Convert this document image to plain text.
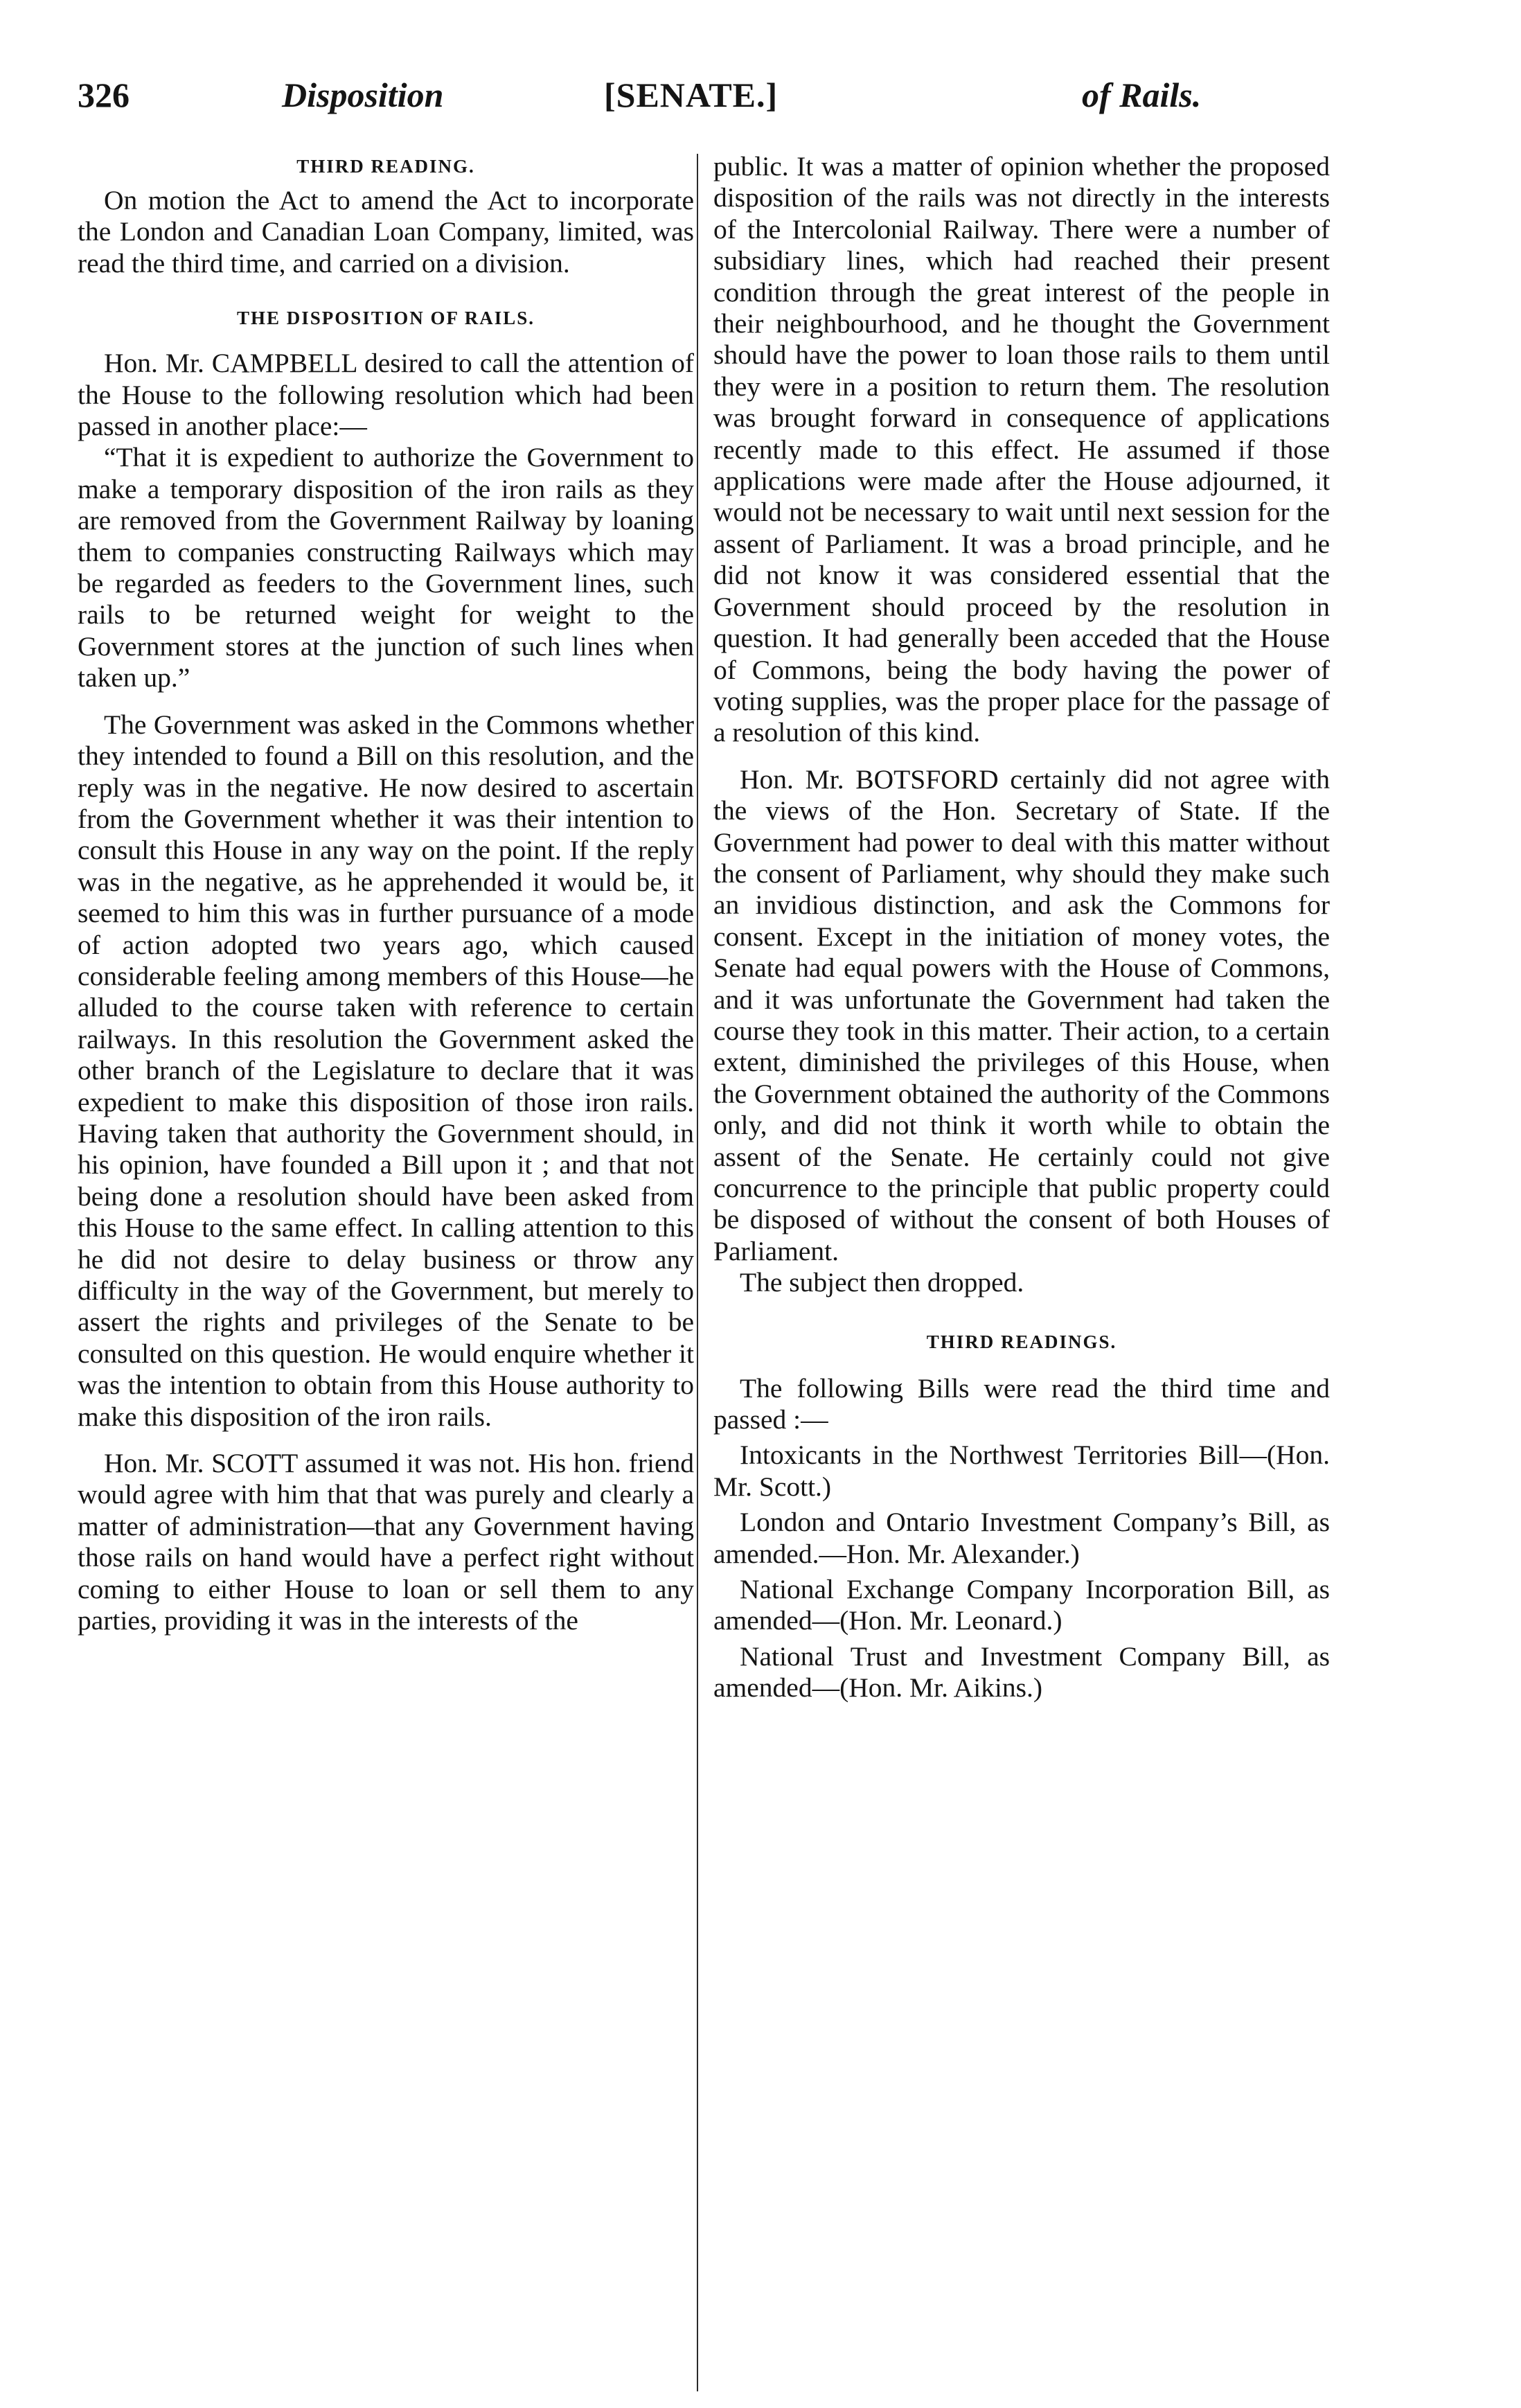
326	Disposition	[SENATE.]	of Rails.
THIRD READING.

On motion the Act to amend the Act to incorporate the London and Canadian Loan Company, limited, was read the third time, and carried on a division.

THE DISPOSITION OF RAILS.

Hon. Mr. CAMPBELL desired to call the attention of the House to the following resolution which had been passed in another place:—

“That it is expedient to authorize the Government to make a temporary disposition of the iron rails as they are removed from the Government Railway by loaning them to companies constructing Railways which may be regarded as feeders to the Government lines, such rails to be returned weight for weight to the Government stores at the junction of such lines when taken up.”

The Government was asked in the Commons whether they intended to found a Bill on this resolution, and the reply was in the negative. He now desired to ascertain from the Government whether it was their intention to consult this House in any way on the point. If the reply was in the negative, as he apprehended it would be, it seemed to him this was in further pursuance of a mode of action adopted two years ago, which caused considerable feeling among members of this House—he alluded to the course taken with reference to certain railways. In this resolution the Government asked the other branch of the Legislature to declare that it was expedient to make this disposition of those iron rails. Having taken that authority the Government should, in his opinion, have founded a Bill upon it ; and that not being done a resolution should have been asked from this House to the same effect. In calling attention to this he did not desire to delay business or throw any difficulty in the way of the Government, but merely to assert the rights and privileges of the Senate to be consulted on this question. He would enquire whether it was the intention to obtain from this House authority to make this disposition of the iron rails.

Hon. Mr. SCOTT assumed it was not. His hon. friend would agree with him that that was purely and clearly a matter of administration—that any Government having those rails on hand would have a perfect right without coming to either House to loan or sell them to any parties, providing it was in the interests of the

public. It was a matter of opinion whether the proposed disposition of the rails was not directly in the interests of the Intercolonial Railway. There were a number of subsidiary lines, which had reached their present condition through the great interest of the people in their neighbourhood, and he thought the Government should have the power to loan those rails to them until they were in a position to return them. The resolution was brought forward in consequence of applications recently made to this effect. He assumed if those applications were made after the House adjourned, it would not be necessary to wait until next session for the assent of Parliament. It was a broad principle, and he did not know it was considered essential that the Government should proceed by the resolution in question. It had generally been acceded that the House of Commons, being the body having the power of voting supplies, was the proper place for the passage of a resolution of this kind.

Hon. Mr. BOTSFORD certainly did not agree with the views of the Hon. Secretary of State. If the Government had power to deal with this matter without the consent of Parliament, why should they make such an invidious distinction, and ask the Commons for consent. Except in the initiation of money votes, the Senate had equal powers with the House of Commons, and it was unfortunate the Government had taken the course they took in this matter. Their action, to a certain extent, diminished the privileges of this House, when the Government obtained the authority of the Commons only, and did not think it worth while to obtain the assent of the Senate. He certainly could not give concurrence to the principle that public property could be disposed of without the consent of both Houses of Parliament.

The subject then dropped.

THIRD READINGS.

The following Bills were read the third time and passed :—

Intoxicants in the Northwest Territories Bill—(Hon. Mr. Scott.)

London and Ontario Investment Company’s Bill, as amended.—Hon. Mr. Alexander.)

National Exchange Company Incorporation Bill, as amended—(Hon. Mr. Leonard.)

National Trust and Investment Company Bill, as amended—(Hon. Mr. Aikins.)
